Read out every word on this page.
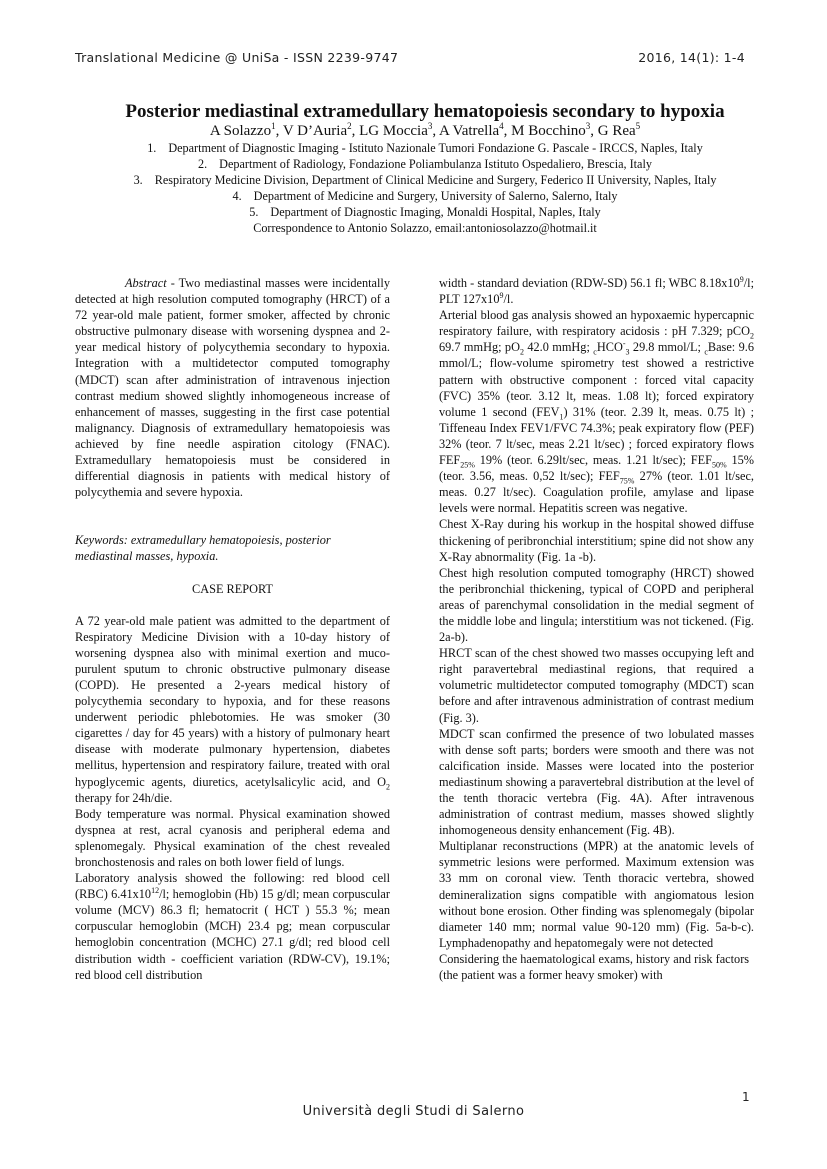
Translational Medicine @ UniSa - ISSN 2239-9747	2016, 14(1): 1-4
Posterior mediastinal extramedullary hematopoiesis secondary to hypoxia
A Solazzo$^1$, V D’Auria$^2$, LG Moccia$^3$, A Vatrella$^4$, M Bocchino$^3$, G Rea$^5$
1. Department of Diagnostic Imaging - Istituto Nazionale Tumori Fondazione G. Pascale - IRCCS, Naples, Italy
2. Department of Radiology, Fondazione Poliambulanza Istituto Ospedaliero, Brescia, Italy
3. Respiratory Medicine Division, Department of Clinical Medicine and Surgery, Federico II University, Naples, Italy
4. Department of Medicine and Surgery, University of Salerno, Salerno, Italy
5. Department of Diagnostic Imaging, Monaldi Hospital, Naples, Italy
Correspondence to Antonio Solazzo, email:antoniosolazzo@hotmail.it

Abstract - Two mediastinal masses were incidentally detected at high resolution computed tomography (HRCT) of a 72 year-old male patient, former smoker, affected by chronic obstructive pulmonary disease with worsening dyspnea and 2-year medical history of polycythemia secondary to hypoxia. Integration with a multidetector computed tomography (MDCT) scan after administration of intravenous injection contrast medium showed slightly inhomogeneous increase of enhancement of masses, suggesting in the first case potential malignancy. Diagnosis of extramedullary hematopoiesis was achieved by fine needle aspiration citology (FNAC). Extramedullary hematopoiesis must be considered in differential diagnosis in patients with medical history of polycythemia and severe hypoxia.

Keywords: extramedullary hematopoiesis, posterior mediastinal masses, hypoxia.

CASE REPORT

A 72 year-old male patient was admitted to the department of Respiratory Medicine Division with a 10-day history of worsening dyspnea also with minimal exertion and muco-purulent sputum to chronic obstructive pulmonary disease (COPD). He presented a 2-years medical history of polycythemia secondary to hypoxia, and for these reasons underwent periodic phlebotomies. He was smoker (30 cigarettes / day for 45 years) with a history of pulmonary heart disease with moderate pulmonary hypertension, diabetes mellitus, hypertension and respiratory failure, treated with oral hypoglycemic agents, diuretics, acetylsalicylic acid, and $O_2$ therapy for 24h/die.

Body temperature was normal. Physical examination showed dyspnea at rest, acral cyanosis and peripheral edema and splenomegaly. Physical examination of the chest revealed bronchostenosis and rales on both lower field of lungs.

Laboratory analysis showed the following: red blood cell (RBC) $6.41x10^{12}/l$; hemoglobin (Hb) 15 g/dl; mean corpuscular volume (MCV) 86.3 fl; hematocrit ( HCT ) 55.3 %; mean corpuscular hemoglobin (MCH) 23.4 pg; mean corpuscular hemoglobin concentration (MCHC) 27.1 g/dl; red blood cell distribution width - coefficient variation (RDW-CV), 19.1%; red blood cell distribution

width - standard deviation (RDW-SD) 56.1 fl; WBC $8.18x10^9/l$; PLT $127x10^9/l$.

Arterial blood gas analysis showed an hypoxaemic hypercapnic respiratory failure, with respiratory acidosis : pH 7.329; pCO$_2$ 69.7 mmHg; $pO_2$ 42.0 mmHg; $_cHCO^-_3$ 29.8 mmol/L; $_c$Base: 9.6 mmol/L; flow-volume spirometry test showed a restrictive pattern with obstructive component : forced vital capacity (FVC) 35% (teor. 3.12 lt, meas. 1.08 lt); forced expiratory volume 1 second $(FEV_1)$ 31% (teor. 2.39 lt, meas. 0.75 lt) ; Tiffeneau Index FEV1/FVC 74.3%; peak expiratory flow (PEF) 32% (teor. 7 lt/sec, meas 2.21 lt/sec) ; forced expiratory flows $FEF_{25\%}$ 19% (teor. 6.29lt/sec, meas. 1.21 lt/sec); $FEF_{50\%}$ 15% (teor. 3.56, meas. 0,52 lt/sec); $FEF_{75\%}$ 27% (teor. 1.01 lt/sec, meas. 0.27 lt/sec). Coagulation profile, amylase and lipase levels were normal. Hepatitis screen was negative.

Chest X-Ray during his workup in the hospital showed diffuse thickening of peribronchial interstitium; spine did not show any X-Ray abnormality (Fig. 1a -b).

Chest high resolution computed tomography (HRCT) showed the peribronchial thickening, typical of COPD and peripheral areas of parenchymal consolidation in the medial segment of the middle lobe and lingula; interstitium was not tickened. (Fig. 2a-b).

HRCT scan of the chest showed two masses occupying left and right paravertebral mediastinal regions, that required a volumetric multidetector computed tomography (MDCT) scan before and after intravenous administration of contrast medium (Fig. 3).

MDCT scan confirmed the presence of two lobulated masses with dense soft parts; borders were smooth and there was not calcification inside. Masses were located into the posterior mediastinum showing a paravertebral distribution at the level of the tenth thoracic vertebra (Fig. 4A). After intravenous administration of contrast medium, masses showed slightly inhomogeneous density enhancement (Fig. 4B).

Multiplanar reconstructions (MPR) at the anatomic levels of symmetric lesions were performed. Maximum extension was 33 mm on coronal view. Tenth thoracic vertebra, showed demineralization signs compatible with angiomatous lesion without bone erosion. Other finding was splenomegaly (bipolar diameter 140 mm; normal value 90-120 mm) (Fig. 5a-b-c). Lymphadenopathy and hepatomegaly were not detected

Considering the haematological exams, history and risk factors (the patient was a former heavy smoker) with

1
Università degli Studi di Salerno
